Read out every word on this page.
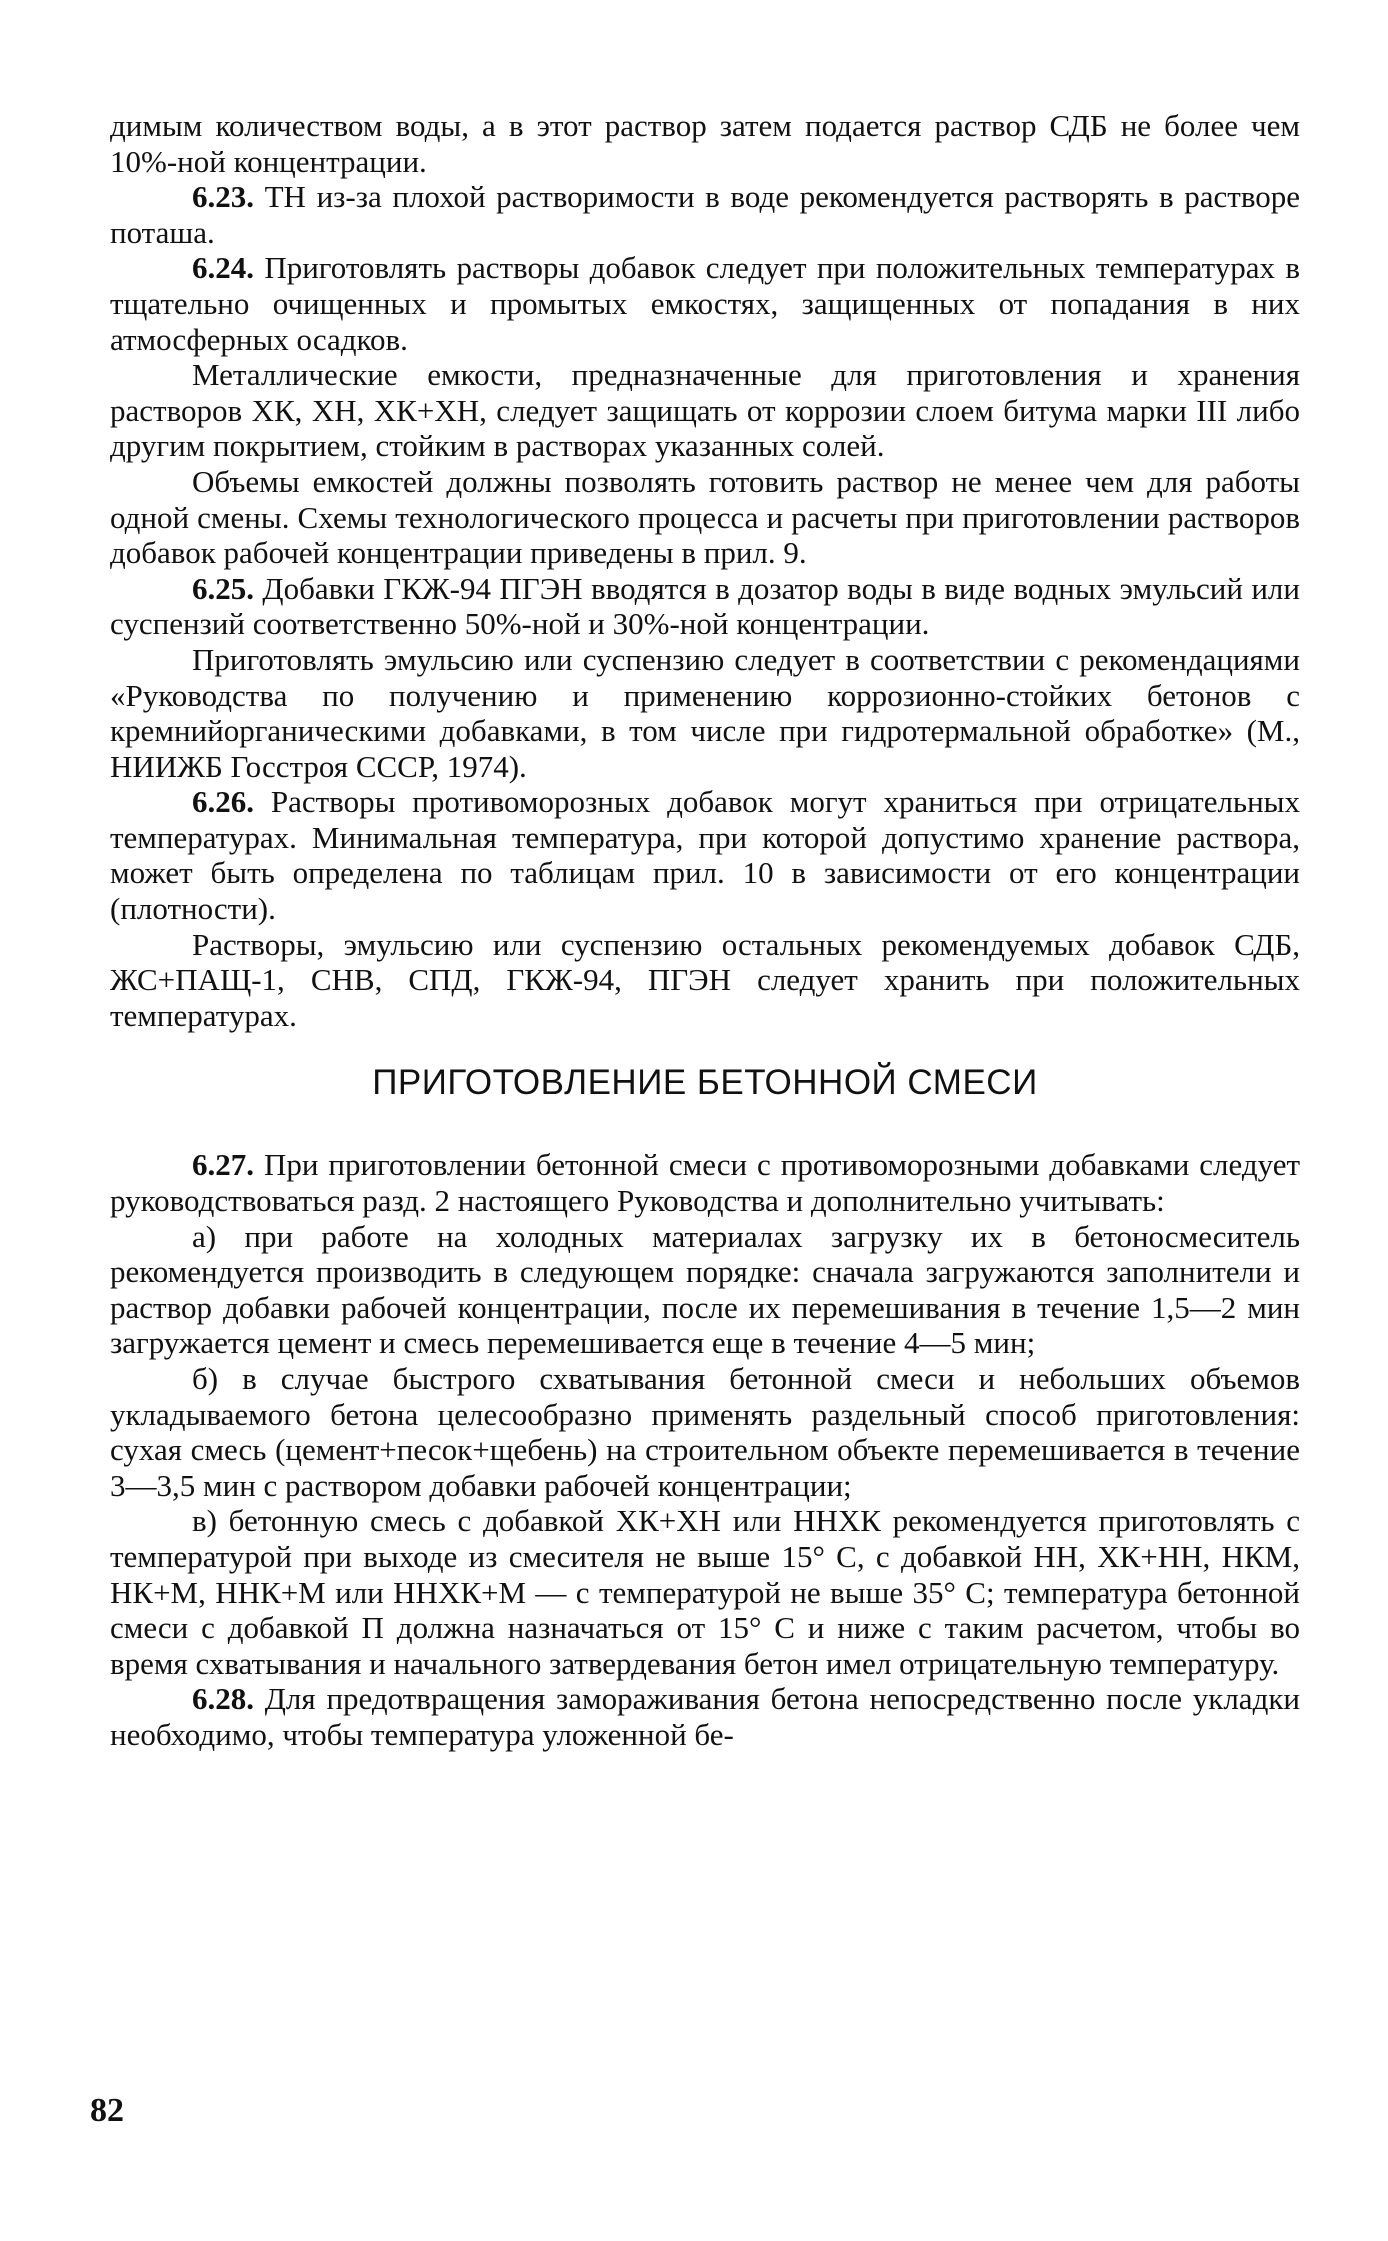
димым количеством воды, а в этот раствор затем подается раствор СДБ не более чем 10%-ной концентрации.

6.23. ТН из-за плохой растворимости в воде рекомендуется растворять в растворе поташа.

6.24. Приготовлять растворы добавок следует при положительных температурах в тщательно очищенных и промытых емкостях, защищенных от попадания в них атмосферных осадков.

Металлические емкости, предназначенные для приготовления и хранения растворов ХК, ХН, ХК+ХН, следует защищать от коррозии слоем битума марки III либо другим покрытием, стойким в растворах указанных солей.

Объемы емкостей должны позволять готовить раствор не менее чем для работы одной смены. Схемы технологического процесса и расчеты при приготовлении растворов добавок рабочей концентрации приведены в прил. 9.

6.25. Добавки ГКЖ-94 ПГЭН вводятся в дозатор воды в виде водных эмульсий или суспензий соответственно 50%-ной и 30%-ной концентрации.

Приготовлять эмульсию или суспензию следует в соответствии с рекомендациями «Руководства по получению и применению коррозионно-стойких бетонов с кремнийорганическими добавками, в том числе при гидротермальной обработке» (М., НИИЖБ Госстроя СССР, 1974).

6.26. Растворы противоморозных добавок могут храниться при отрицательных температурах. Минимальная температура, при которой допустимо хранение раствора, может быть определена по таблицам прил. 10 в зависимости от его концентрации (плотности).

Растворы, эмульсию или суспензию остальных рекомендуемых добавок СДБ, ЖС+ПАЩ-1, СНВ, СПД, ГКЖ-94, ПГЭН следует хранить при положительных температурах.

ПРИГОТОВЛЕНИЕ БЕТОННОЙ СМЕСИ

6.27. При приготовлении бетонной смеси с противоморозными добавками следует руководствоваться разд. 2 настоящего Руководства и дополнительно учитывать:

а) при работе на холодных материалах загрузку их в бетоносмеситель рекомендуется производить в следующем порядке: сначала загружаются заполнители и раствор добавки рабочей концентрации, после их перемешивания в течение 1,5—2 мин загружается цемент и смесь перемешивается еще в течение 4—5 мин;

б) в случае быстрого схватывания бетонной смеси и небольших объемов укладываемого бетона целесообразно применять раздельный способ приготовления: сухая смесь (цемент+песок+щебень) на строительном объекте перемешивается в течение 3—3,5 мин с раствором добавки рабочей концентрации;

в) бетонную смесь с добавкой ХК+ХН или ННХК рекомендуется приготовлять с температурой при выходе из смесителя не выше 15° С, с добавкой НН, ХК+НН, НКМ, НК+М, ННК+М или ННХК+М — с температурой не выше 35° С; температура бетонной смеси с добавкой П должна назначаться от 15° С и ниже с таким расчетом, чтобы во время схватывания и начального затвердевания бетон имел отрицательную температуру.

6.28. Для предотвращения замораживания бетона непосредственно после укладки необходимо, чтобы температура уложенной бе-

82
